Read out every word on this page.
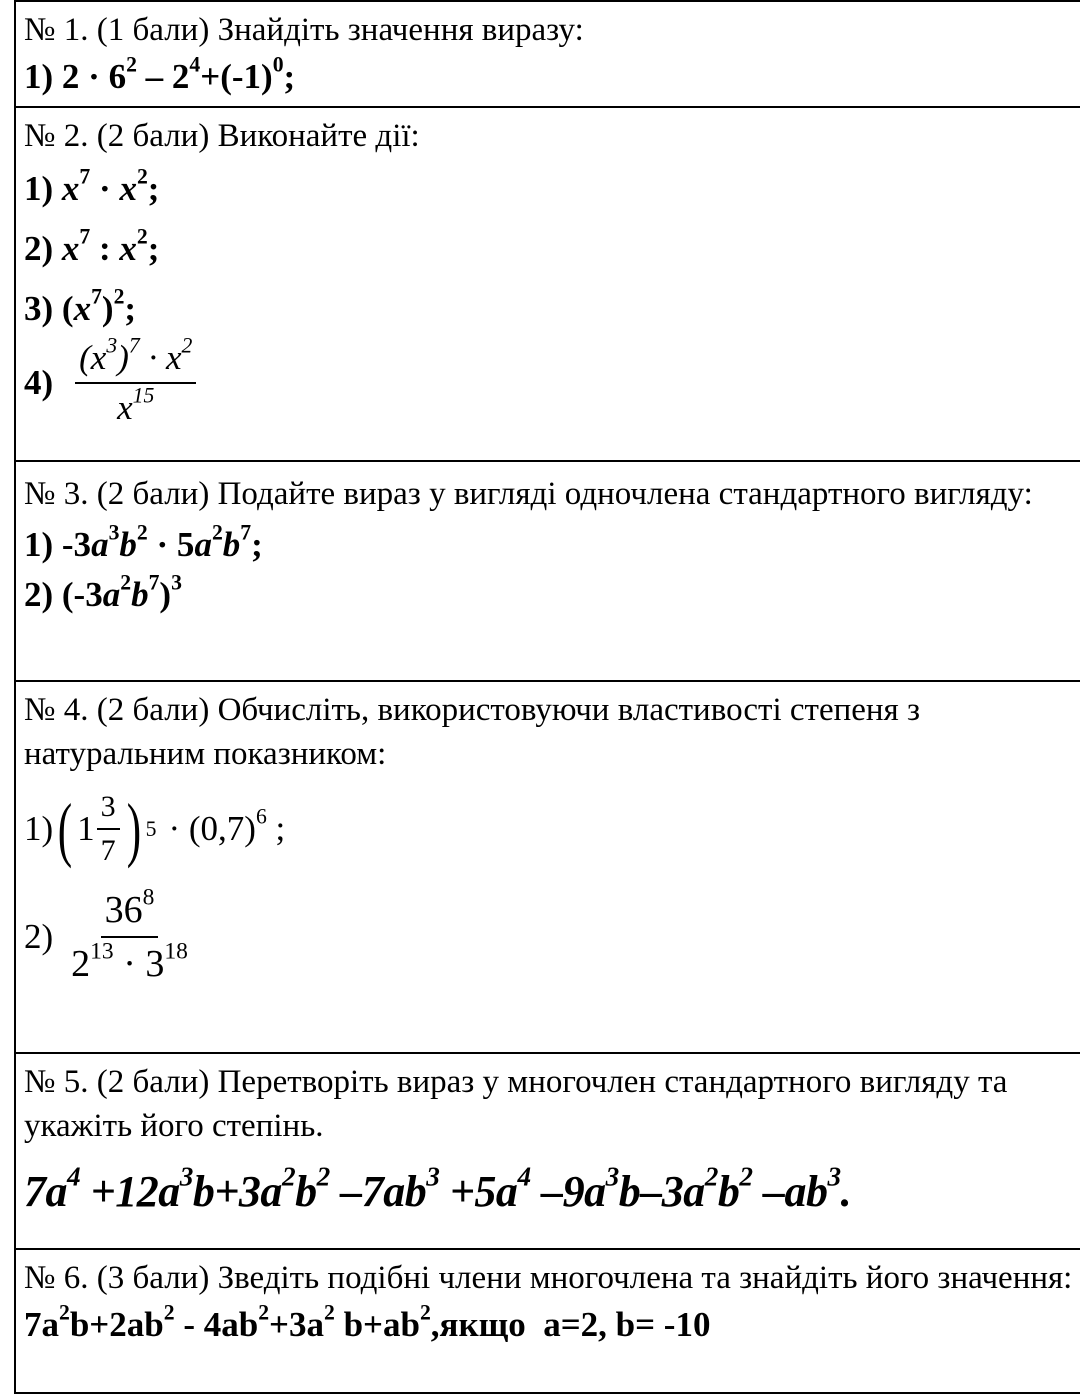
№ 1. (1 бали) Знайдіть значення виразу:
1) $2 \cdot 6^2 - 2^4+(-1)^0$;

№ 2. (2 бали) Виконайте дії:
1) $x^7 \cdot x^2$;
2) $x^7$ : $x^2$;
3) $(x^7)^2$;
$4) \frac{(x^3)^7 \cdot x^2}{x^{15}}$

№ 3. (2 бали) Подайте вираз у вигляді одночлена стандартного вигляду:
1) $-3a^3b^2 \cdot 5a^2b^7$;
2) $(-3a^2b^7)^3$

№ 4. (2 бали) Обчисліть, використовуючи властивості степеня з натуральним показником:
1) ( $1 \frac{3}{7}$ ) $5 \cdot (0,7)^6$ ;
$2) \frac{36^8}{2^{13} \cdot 3^{18}}$

№ 5. (2 бали) Перетворіть вираз у многочлен стандартного вигляду та укажіть його степінь.
$7a^4 +12a^3b+3a^2b^2$ $-7ab^3 +5a^4$ $-9a^3b-3a^2b^2$ $-ab^3$.

№ 6. (3 бали) Зведіть подібні члени многочлена та знайдіть його значення:
$7a^2b+2ab^2 - 4ab^2+3a^2$ $b+ab^2,якщо$  a=2, b= -10
